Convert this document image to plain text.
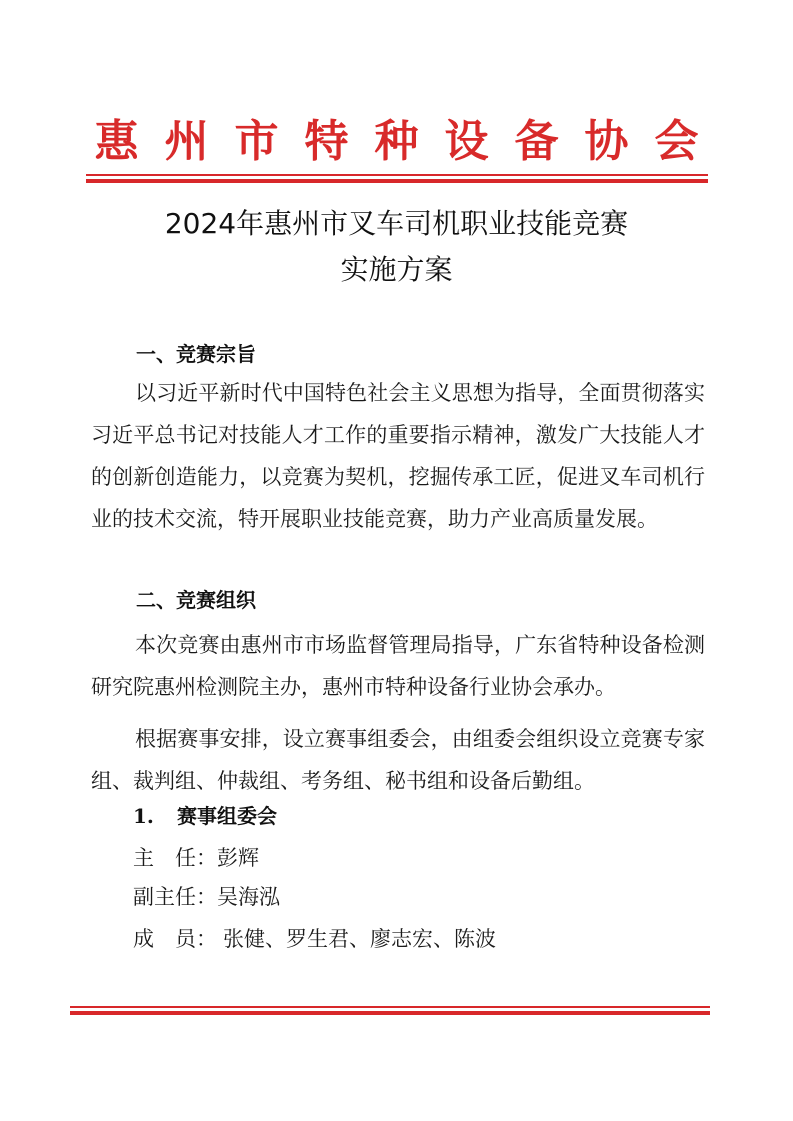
惠州市特种设备协会
2024年惠州市叉车司机职业技能竞赛
实施方案
一、竞赛宗旨

以习近平新时代中国特色社会主义思想为指导，全面贯彻落实习近平总书记对技能人才工作的重要指示精神，激发广大技能人才的创新创造能力，以竞赛为契机，挖掘传承工匠，促进叉车司机行业的技术交流，特开展职业技能竞赛，助力产业高质量发展。

二、竞赛组织

本次竞赛由惠州市市场监督管理局指导，广东省特种设备检测研究院惠州检测院主办，惠州市特种设备行业协会承办。

根据赛事安排，设立赛事组委会，由组委会组织设立竞赛专家组、裁判组、仲裁组、考务组、秘书组和设备后勤组。

1. 赛事组委会
主　任：彭辉
副主任：吴海泓
成　员： 张健、罗生君、廖志宏、陈波
